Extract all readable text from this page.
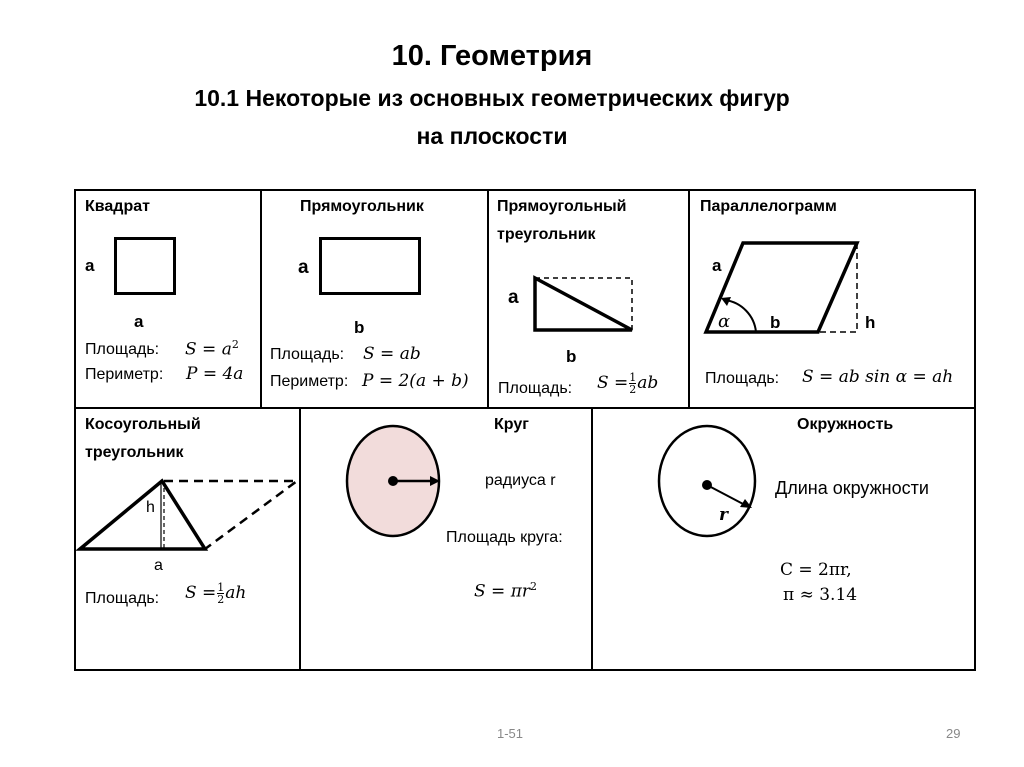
10. Геометрия
10.1 Некоторые из основных геометрических фигур
на плоскости
Квадрат
a
a
Площадь: $S = a^2$
Периметр: P = 4a
Прямоугольник
a
b
Площадь: S = ab
Периметр: P = 2(a + b)
Прямоугольный
треугольник
a
b
Площадь: $S = \frac{1}{2}$ ab
Параллелограмм
a
α b	h
Площадь: S = ab sin α = ah
Косоугольный
треугольник
h
a
Площадь: $S = \frac{1}{2}$ ah
Круг
радиуса r
Площадь круга:
$S = \pi r^2$
Окружность
r
Длина окружности
C = 2πr,
π ≈ 3.14
1-51	29
